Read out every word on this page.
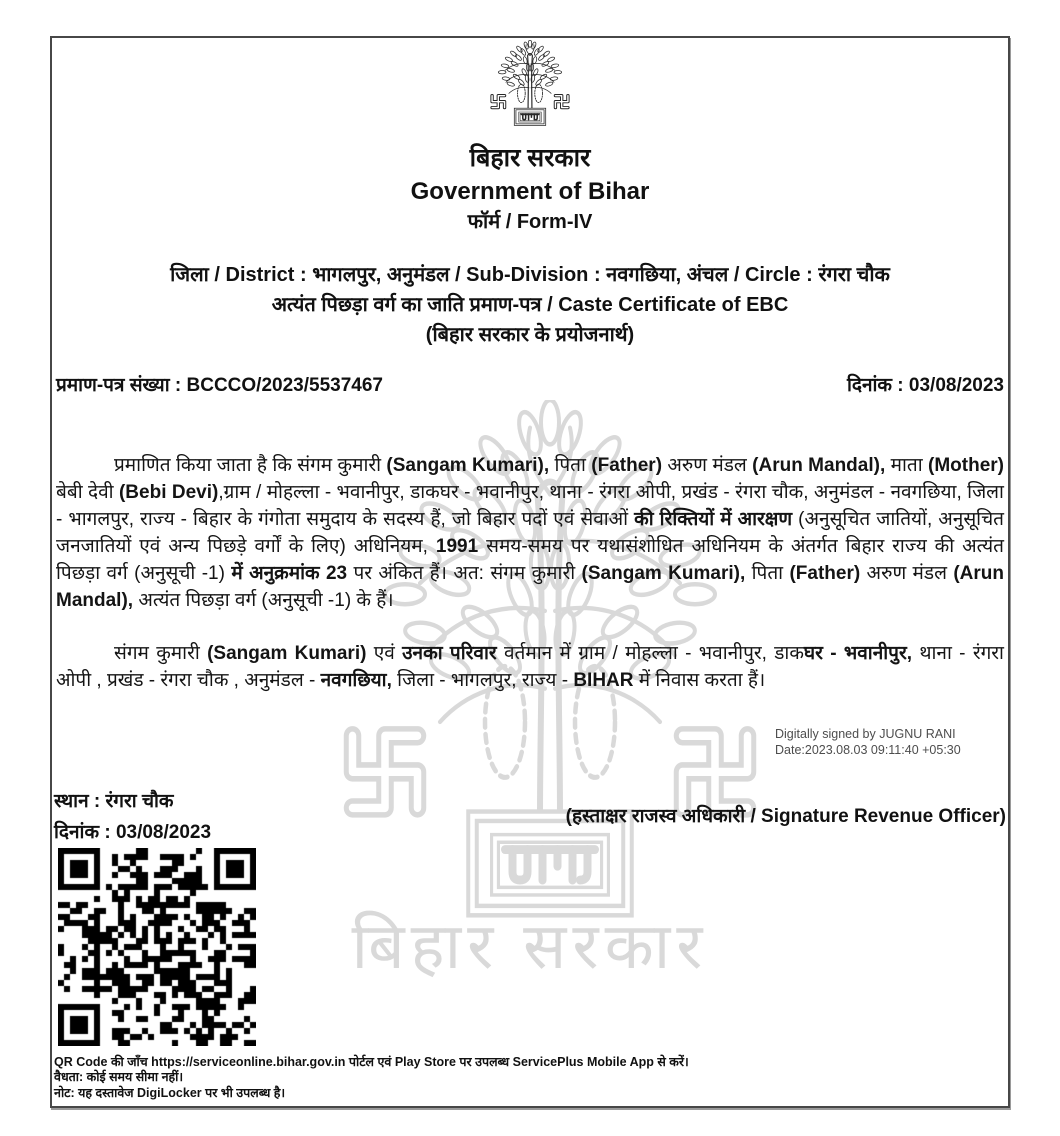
बिहार सरकार
बिहार सरकार
Government of Bihar
फॉर्म / Form-IV
जिला / District : भागलपुर, अनुमंडल / Sub-Division : नवगछिया, अंचल / Circle : रंगरा चौक
अत्यंत पिछड़ा वर्ग का जाति प्रमाण-पत्र / Caste Certificate of EBC
(बिहार सरकार के प्रयोजनार्थ)
प्रमाण-पत्र संख्या : BCCCO/2023/5537467	दिनांक : 03/08/2023

प्रमाणित किया जाता है कि संगम कुमारी (Sangam Kumari), पिता (Father) अरुण मंडल (Arun Mandal), माता (Mother) बेबी देवी (Bebi Devi),ग्राम / मोहल्ला - भवानीपुर, डाकघर - भवानीपुर, थाना - रंगरा ओपी, प्रखंड - रंगरा चौक, अनुमंडल - नवगछिया, जिला - भागलपुर, राज्य - बिहार के गंगोता समुदाय के सदस्य हैं, जो बिहार पदों एवं सेवाओं की रिक्तियों में आरक्षण (अनुसूचित जातियों, अनुसूचित जनजातियों एवं अन्य पिछड़े वर्गों के लिए) अधिनियम, 1991 समय-समय पर यथासंशोधित अधिनियम के अंतर्गत बिहार राज्य की अत्यंत पिछड़ा वर्ग (अनुसूची -1) में अनुक्रमांक 23 पर अंकित हैं। अत: संगम कुमारी (Sangam Kumari), पिता (Father) अरुण मंडल (Arun Mandal), अत्यंत पिछड़ा वर्ग (अनुसूची -1) के हैं।

संगम कुमारी (Sangam Kumari) एवं उनका परिवार वर्तमान में ग्राम / मोहल्ला - भवानीपुर, डाकघर - भवानीपुर, थाना - रंगरा ओपी , प्रखंड - रंगरा चौक , अनुमंडल - नवगछिया, जिला - भागलपुर, राज्य - BIHAR में निवास करता हैं।

Digitally signed by JUGNU RANI
Date:2023.08.03 09:11:40 +05:30
स्थान : रंगरा चौक
दिनांक : 03/08/2023
(हस्ताक्षर राजस्व अधिकारी / Signature Revenue Officer)
QR Code की जाँच https://serviceonline.bihar.gov.in पोर्टल एवं Play Store पर उपलब्ध ServicePlus Mobile App से करें।
वैधता: कोई समय सीमा नहीं।
नोट: यह दस्तावेज DigiLocker पर भी उपलब्ध है।
